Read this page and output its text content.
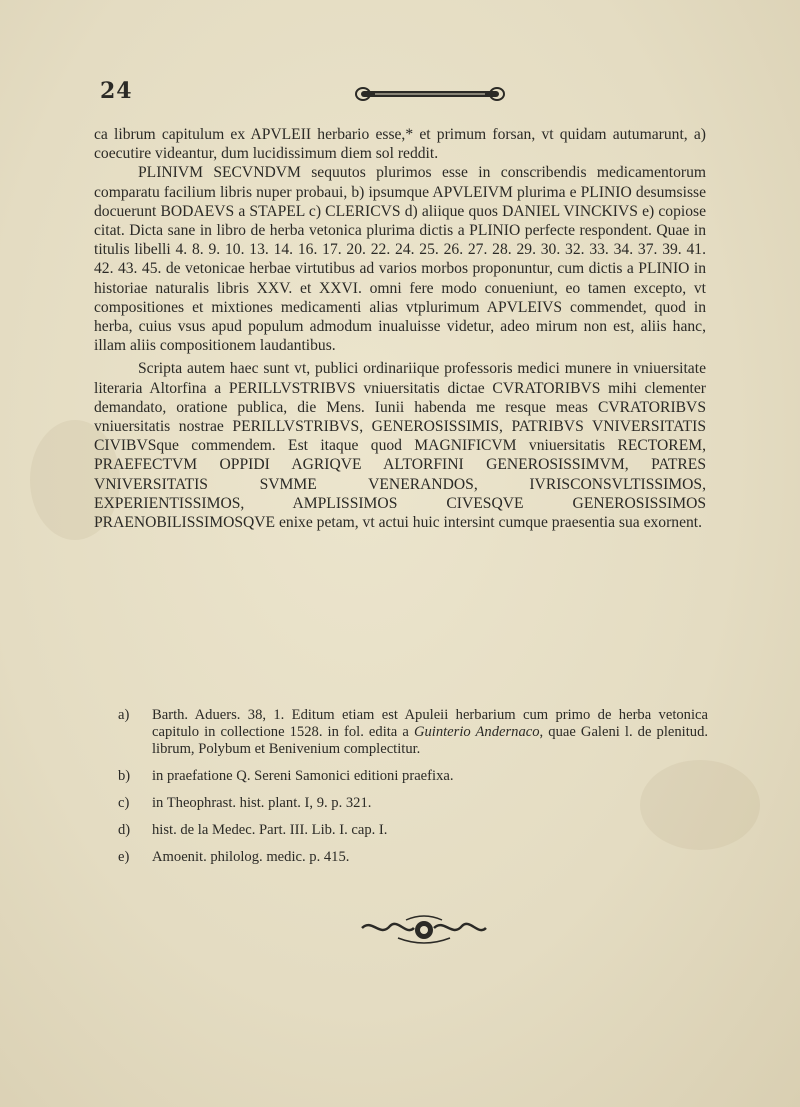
24

ca librum capitulum ex APVLEII herbario esse,* et primum forsan, vt quidam autumarunt, a) coecutire videantur, dum lucidissimum diem sol reddit.

PLINIVM SECVNDVM sequutos plurimos esse in conscribendis medicamentorum comparatu facilium libris nuper probaui, b) ipsumque APVLEIVM plurima e PLINIO desumsisse docuerunt BODAEVS a STAPEL c) CLERICVS d) aliique quos DANIEL VINCKIVS e) copiose citat. Dicta sane in libro de herba vetonica plurima dictis a PLINIO perfecte respondent. Quae in titulis libelli 4. 8. 9. 10. 13. 14. 16. 17. 20. 22. 24. 25. 26. 27. 28. 29. 30. 32. 33. 34. 37. 39. 41. 42. 43. 45. de vetonicae herbae virtutibus ad varios morbos proponuntur, cum dictis a PLINIO in historiae naturalis libris XXV. et XXVI. omni fere modo conueniunt, eo tamen excepto, vt compositiones et mixtiones medicamenti alias vtplurimum APVLEIVS commendet, quod in herba, cuius vsus apud populum admodum inualuisse videtur, adeo mirum non est, aliis hanc, illam aliis compositionem laudantibus.

Scripta autem haec sunt vt, publici ordinariique professoris medici munere in vniuersitate literaria Altorfina a PERILLVSTRIBVS vniuersitatis dictae CVRATORIBVS mihi clementer demandato, oratione publica, die Mens. Iunii habenda me resque meas CVRATORIBVS vniuersitatis nostrae PERILLVSTRIBVS, GENEROSISSIMIS, PATRIBVS VNIVERSITATIS CIVIBVSque commendem. Est itaque quod MAGNIFICVM vniuersitatis RECTOREM, PRAEFECTVM OPPIDI AGRIQVE ALTORFINI GENEROSISSIMVM, PATRES VNIVERSITATIS SVMME VENERANDOS, IVRISCONSVLTISSIMOS, EXPERIENTISSIMOS, AMPLISSIMOS CIVESQVE GENEROSISSIMOS PRAENOBILISSIMOSQVE enixe petam, vt actui huic intersint cumque praesentia sua exornent.

a)	Barth. Aduers. 38, 1. Editum etiam est Apuleii herbarium cum primo de herba vetonica capitulo in collectione 1528. in fol. edita a Guinterio Andernaco, quae Galeni l. de plenitud. librum, Polybum et Benivenium complectitur.
b)	in praefatione Q. Sereni Samonici editioni praefixa.
c)	in Theophrast. hist. plant. I, 9. p. 321.
d)	hist. de la Medec. Part. III. Lib. I. cap. I.
e)	Amoenit. philolog. medic. p. 415.
